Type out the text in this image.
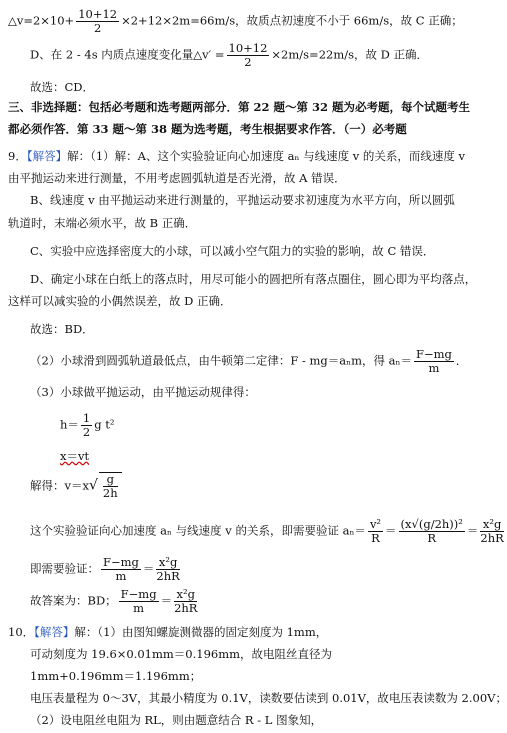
△v=2×10+ $\frac{10+12}{2} \times 2+12\times 2m=66m/s$，故质点初速度不小于 66m/s，故 C 正确；
D、在 2 - 4s 内质点速度变化量△v′ = $\frac{10+12}{2} \times 2m/s=22m/s$，故 D 正确．
故选：CD．
三、非选择题：包括必考题和选考题两部分．第 22 题～第 32 题为必考题，每个试题考生
都必须作答．第 33 题～第 38 题为选考题，考生根据要求作答．（一）必考题
9．【解答】解：（1）解：A、这个实验验证向心加速度 aₙ 与线速度 v 的关系，而线速度 v
由平抛运动来进行测量，不用考虑圆弧轨道是否光滑，故 A 错误．
B、线速度 v 由平抛运动来进行测量的，平抛运动要求初速度为水平方向，所以圆弧
轨道时，末端必须水平，故 B 正确．
C、实验中应选择密度大的小球，可以减小空气阻力的实验的影响，故 C 错误．
D、确定小球在白纸上的落点时，用尽可能小的圆把所有落点圈住，圆心即为平均落点，
这样可以减实验的小偶然误差，故 D 正确．
故选：BD．
（2）小球滑到圆弧轨道最低点，由牛顿第二定律：F - mg＝aₙm，得 $a_n= \frac{F-mg}{m}$ ．
（3）小球做平抛运动，由平抛运动规律得：
$h= \frac{1}{2}$ g t²
x＝vt
解得：$v=x√ \frac{g}{2h}$
这个实验验证向心加速度 aₙ 与线速度 v 的关系，即需要验证 $a_n= \frac{\text{v²}}{R} = \frac{\text{(x√(g/2h))²}}{R} = \frac{\text{x²g}}{2hR}$
即需要验证： $\frac{F-mg}{m} = \frac{\text{x²g}}{2hR}$
故答案为：BD； $\frac{F-mg}{m} = \frac{\text{x²g}}{2hR}$
10．【解答】解：（1）由图知螺旋测微器的固定刻度为 1mm，
可动刻度为 19.6×0.01mm＝0.196mm，故电阻丝直径为
1mm+0.196mm＝1.196mm；
电压表量程为 0～3V，其最小精度为 0.1V，读数要估读到 0.01V，故电压表读数为 2.00V；
（2）设电阻丝电阻为 RL，则由题意结合 R - L 图象知，
